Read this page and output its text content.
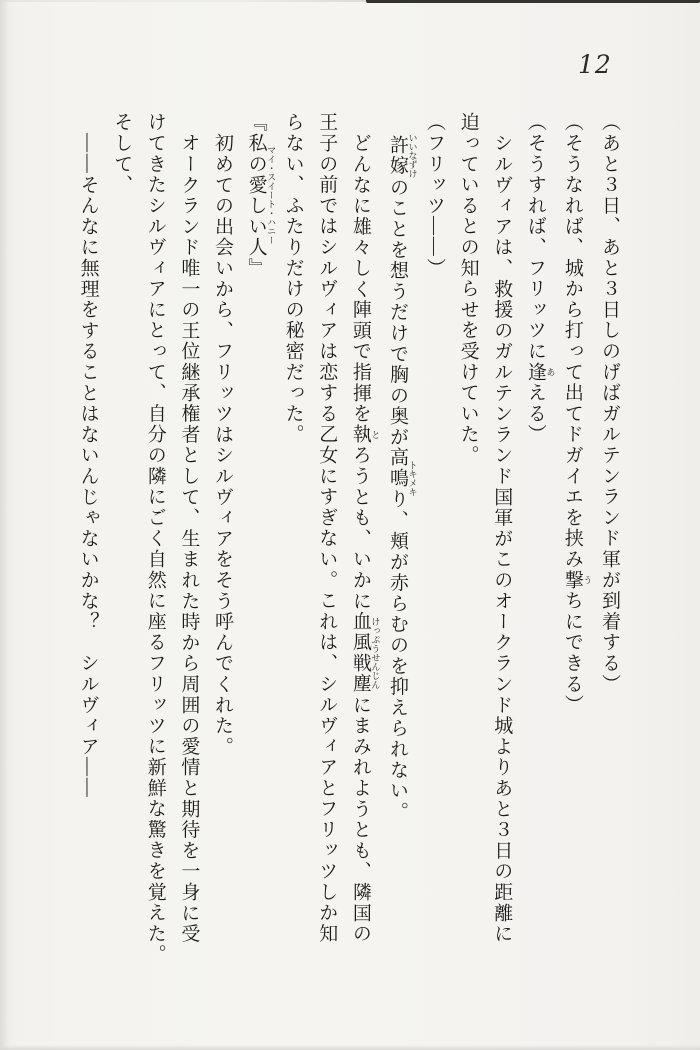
12
（あと３日、あと３日しのげばガルテンランド軍が到着する）
（そうなれば、城から打って出てドガイエを挟み撃 うちにできる）
（そうすれば、フリッツに逢 あえる）
シルヴィアは、救援のガルテンランド国軍がこのオークランド城よりあと３日の距離に
迫っているとの知らせを受けていた。
（フリッツ――）
許嫁 いいなずけのことを想うだけで胸の奥が高鳴り トキメキ、頬が赤らむのを抑えられない。
どんなに雄々しく陣頭で指揮を執 とろうとも、いかに血風戦塵 けっぷうせんじんにまみれようとも、隣国の
王子の前ではシルヴィアは恋する乙女にすぎない。これは、シルヴィアとフリッツしか知
らない、ふたりだけの秘密だった。
『私の愛しい人 マイ・スイート・ハニー』
初めての出会いから、フリッツはシルヴィアをそう呼んでくれた。
オークランド唯一の王位継承権者として、生まれた時から周囲の愛情と期待を一身に受
けてきたシルヴィアにとって、自分の隣にごく自然に座るフリッツに新鮮な驚きを覚えた。
そして、
――そんなに無理をすることはないんじゃないかな？　シルヴィア――
